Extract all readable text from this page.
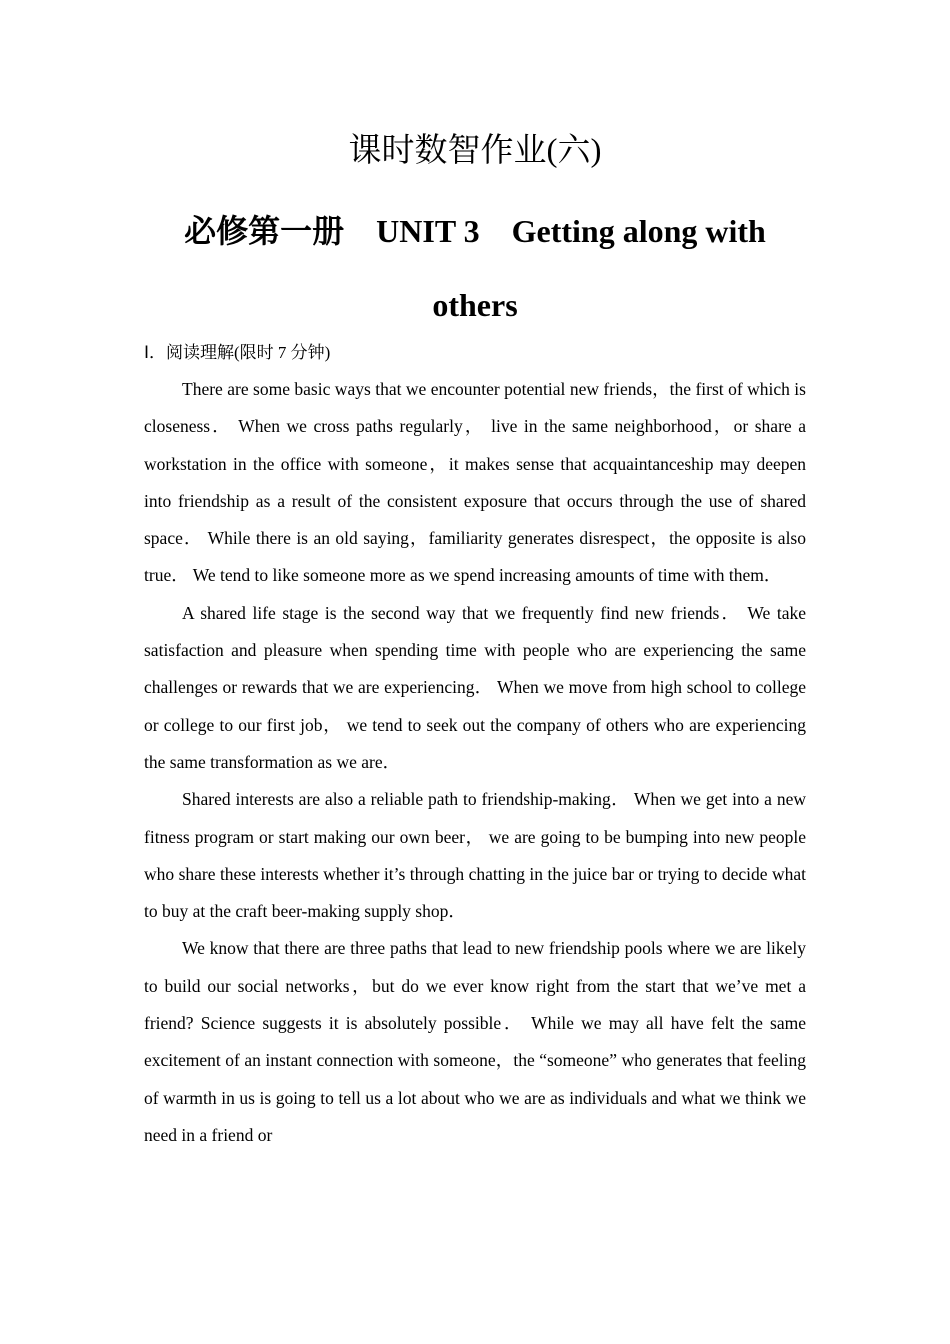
课时数智作业(六)
必修第一册　UNIT 3　Getting along with others
Ⅰ．阅读理解(限时 7 分钟)

There are some basic ways that we encounter potential new friends，the first of which is closeness． When we cross paths regularly， live in the same neighborhood，or share a workstation in the office with someone，it makes sense that acquaintanceship may deepen into friendship as a result of the consistent exposure that occurs through the use of shared space． While there is an old saying，familiarity generates disrespect，the opposite is also true． We tend to like someone more as we spend increasing amounts of time with them．

A shared life stage is the second way that we frequently find new friends． We take satisfaction and pleasure when spending time with people who are experiencing the same challenges or rewards that we are experiencing． When we move from high school to college or college to our first job， we tend to seek out the company of others who are experiencing the same transformation as we are．

Shared interests are also a reliable path to friendship-making． When we get into a new fitness program or start making our own beer， we are going to be bumping into new people who share these interests whether it’s through chatting in the juice bar or trying to decide what to buy at the craft beer-making supply shop．

We know that there are three paths that lead to new friendship pools where we are likely to build our social networks，but do we ever know right from the start that we’ve met a friend? Science suggests it is absolutely possible． While we may all have felt the same excitement of an instant connection with someone，the “someone” who generates that feeling of warmth in us is going to tell us a lot about who we are as individuals and what we think we need in a friend or
